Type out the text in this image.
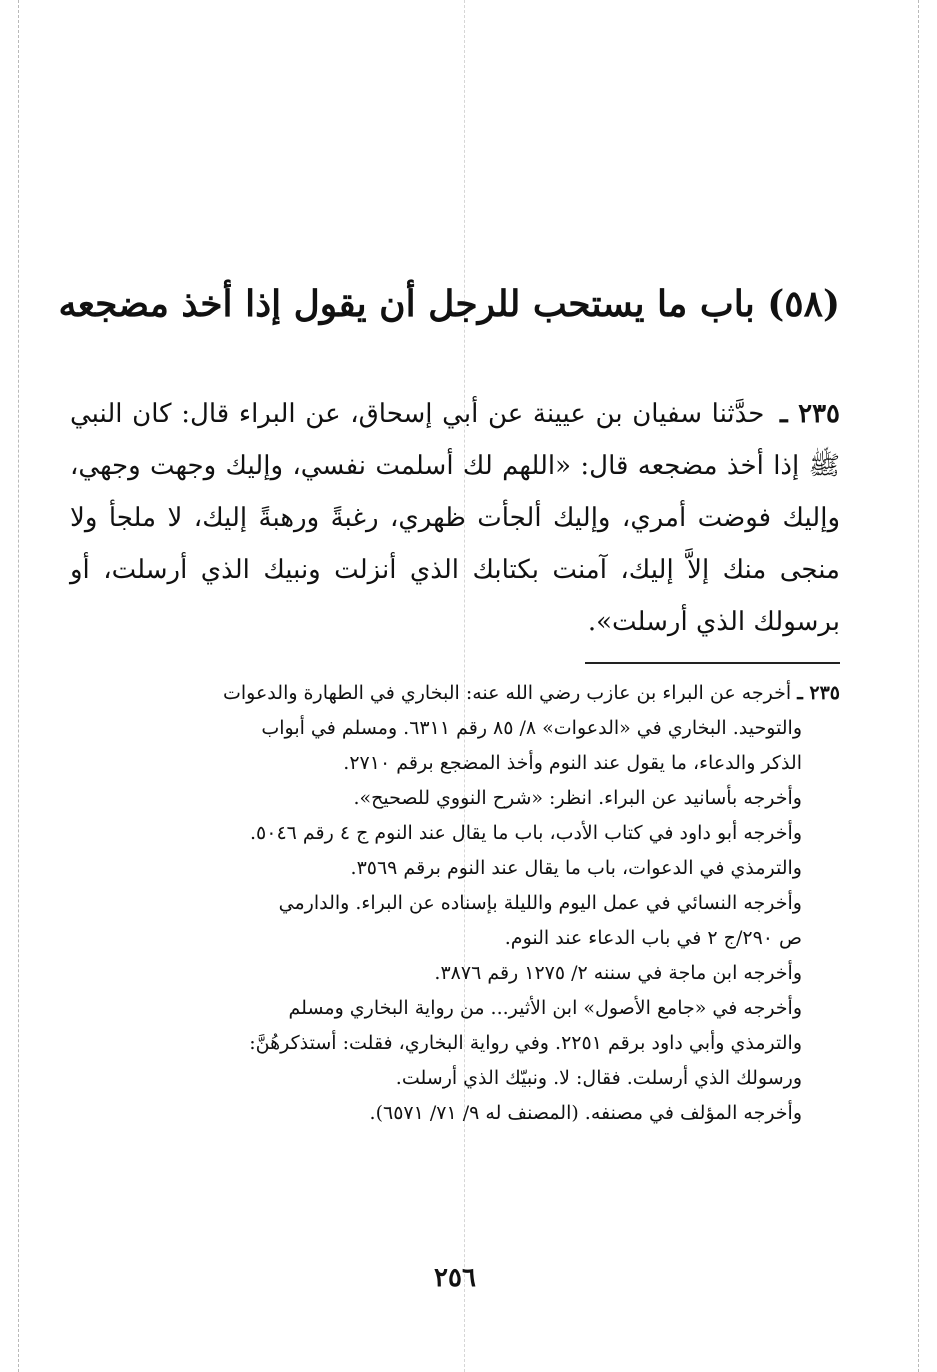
(٥٨) باب ما يستحب للرجل أن يقول إذا أخذ مضجعه
٢٣٥ ـ حدَّثنا سفيان بن عيينة عن أبي إسحاق، عن البراء قال: كان النبي ﷺ إذا أخذ مضجعه قال: «اللهم لك أسلمت نفسي، وإليك وجهت وجهي، وإليك فوضت أمري، وإليك ألجأت ظهري، رغبةً ورهبةً إليك، لا ملجأ ولا منجى منك إلاَّ إليك، آمنت بكتابك الذي أنزلت ونبيك الذي أرسلت، أو برسولك الذي أرسلت».
٢٣٥ ـ أخرجه عن البراء بن عازب رضي الله عنه: البخاري في الطهارة والدعوات
والتوحيد. البخاري في «الدعوات» ٨/ ٨٥ رقم ٦٣١١. ومسلم في أبواب
الذكر والدعاء، ما يقول عند النوم وأخذ المضجع برقم ٢٧١٠.
وأخرجه بأسانيد عن البراء. انظر: «شرح النووي للصحيح».
وأخرجه أبو داود في كتاب الأدب، باب ما يقال عند النوم ج ٤ رقم ٥٠٤٦.
والترمذي في الدعوات، باب ما يقال عند النوم برقم ٣٥٦٩.
وأخرجه النسائي في عمل اليوم والليلة بإسناده عن البراء. والدارمي
ص ٢٩٠/ج ٢ في باب الدعاء عند النوم.
وأخرجه ابن ماجة في سننه ٢/ ١٢٧٥ رقم ٣٨٧٦.
وأخرجه في «جامع الأصول» ابن الأثير... من رواية البخاري ومسلم
والترمذي وأبي داود برقم ٢٢٥١. وفي رواية البخاري، فقلت: أستذكرهُنَّ:
ورسولك الذي أرسلت. فقال: لا. ونبيّك الذي أرسلت.
وأخرجه المؤلف في مصنفه. (المصنف له ٩/ ٧١/ ٦٥٧١).
٢٥٦
